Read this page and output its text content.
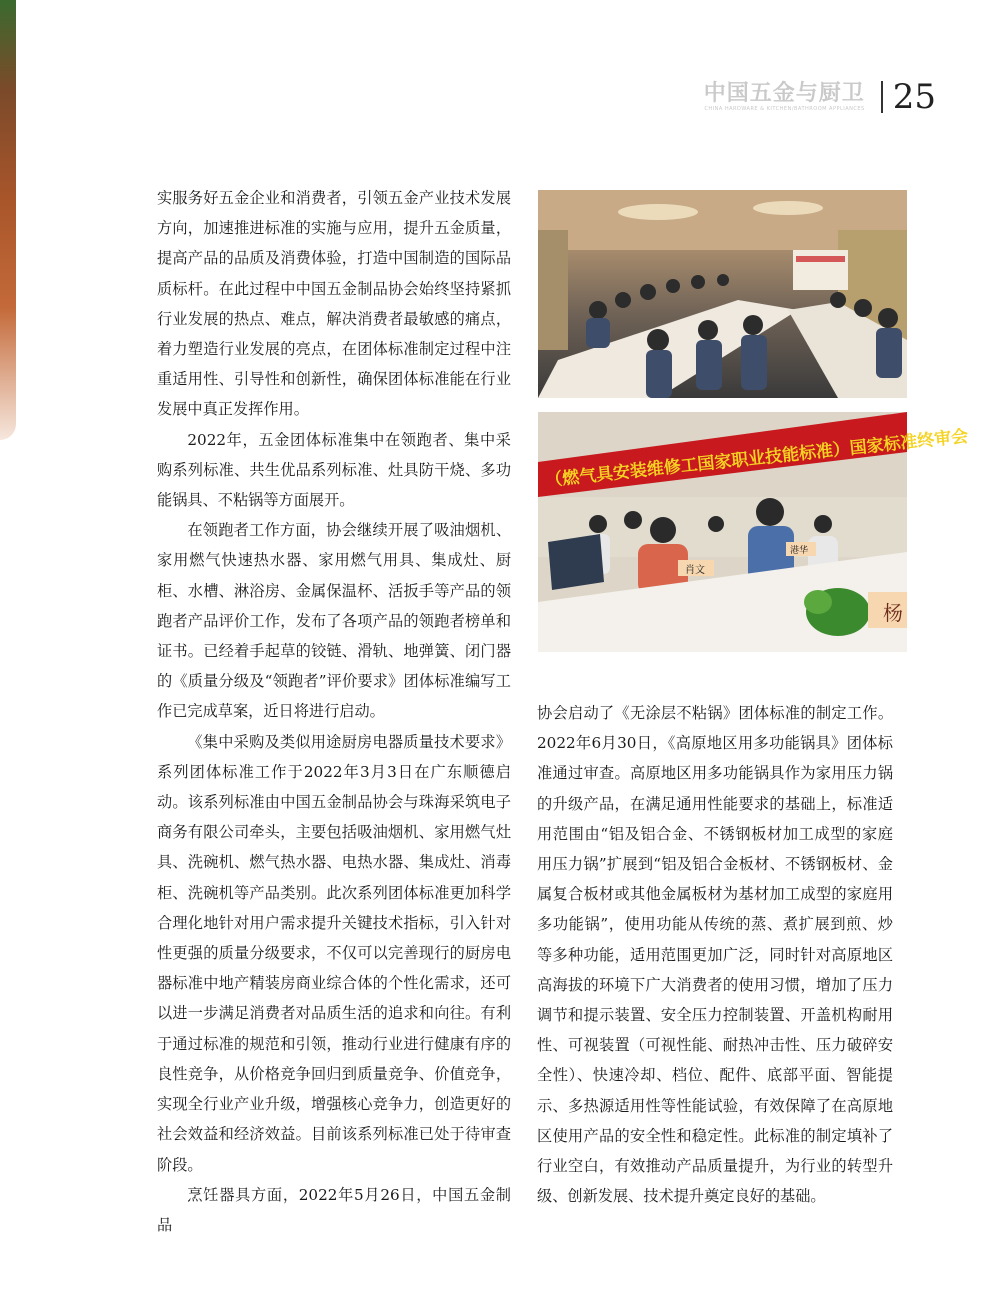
中国五金与厨卫
CHINA HARDWARE & KITCHEN/BATHROOM APPLIANCES 25

实服务好五金企业和消费者，引领五金产业技术发展方向，加速推进标准的实施与应用，提升五金质量，提高产品的品质及消费体验，打造中国制造的国际品质标杆。在此过程中中国五金制品协会始终坚持紧抓行业发展的热点、难点，解决消费者最敏感的痛点，着力塑造行业发展的亮点，在团体标准制定过程中注重适用性、引导性和创新性，确保团体标准能在行业发展中真正发挥作用。

2022年，五金团体标准集中在领跑者、集中采购系列标准、共生优品系列标准、灶具防干烧、多功能锅具、不粘锅等方面展开。

在领跑者工作方面，协会继续开展了吸油烟机、家用燃气快速热水器、家用燃气用具、集成灶、厨柜、水槽、淋浴房、金属保温杯、活扳手等产品的领跑者产品评价工作，发布了各项产品的领跑者榜单和证书。已经着手起草的铰链、滑轨、地弹簧、闭门器的《质量分级及“领跑者”评价要求》团体标准编写工作已完成草案，近日将进行启动。

《集中采购及类似用途厨房电器质量技术要求》系列团体标准工作于2022年3月3日在广东顺德启动。该系列标准由中国五金制品协会与珠海采筑电子商务有限公司牵头，主要包括吸油烟机、家用燃气灶具、洗碗机、燃气热水器、电热水器、集成灶、消毒柜、洗碗机等产品类别。此次系列团体标准更加科学合理化地针对用户需求提升关键技术指标，引入针对性更强的质量分级要求，不仅可以完善现行的厨房电器标准中地产精装房商业综合体的个性化需求，还可以进一步满足消费者对品质生活的追求和向往。有利于通过标准的规范和引领，推动行业进行健康有序的良性竞争，从价格竞争回归到质量竞争、价值竞争，实现全行业产业升级，增强核心竞争力，创造更好的社会效益和经济效益。目前该系列标准已处于待审查阶段。

烹饪器具方面，2022年5月26日，中国五金制品

（燃气具安装维修工国家职业技能标准）国家标准终审会
肖文
港华
杨

协会启动了《无涂层不粘锅》团体标准的制定工作。2022年6月30日，《高原地区用多功能锅具》团体标准通过审查。高原地区用多功能锅具作为家用压力锅的升级产品，在满足通用性能要求的基础上，标准适用范围由“铝及铝合金、不锈钢板材加工成型的家庭用压力锅”扩展到“铝及铝合金板材、不锈钢板材、金属复合板材或其他金属板材为基材加工成型的家庭用多功能锅”，使用功能从传统的蒸、煮扩展到煎、炒等多种功能，适用范围更加广泛，同时针对高原地区高海拔的环境下广大消费者的使用习惯，增加了压力调节和提示装置、安全压力控制装置、开盖机构耐用性、可视装置（可视性能、耐热冲击性、压力破碎安全性）、快速冷却、档位、配件、底部平面、智能提示、多热源适用性等性能试验，有效保障了在高原地区使用产品的安全性和稳定性。此标准的制定填补了行业空白，有效推动产品质量提升，为行业的转型升级、创新发展、技术提升奠定良好的基础。
